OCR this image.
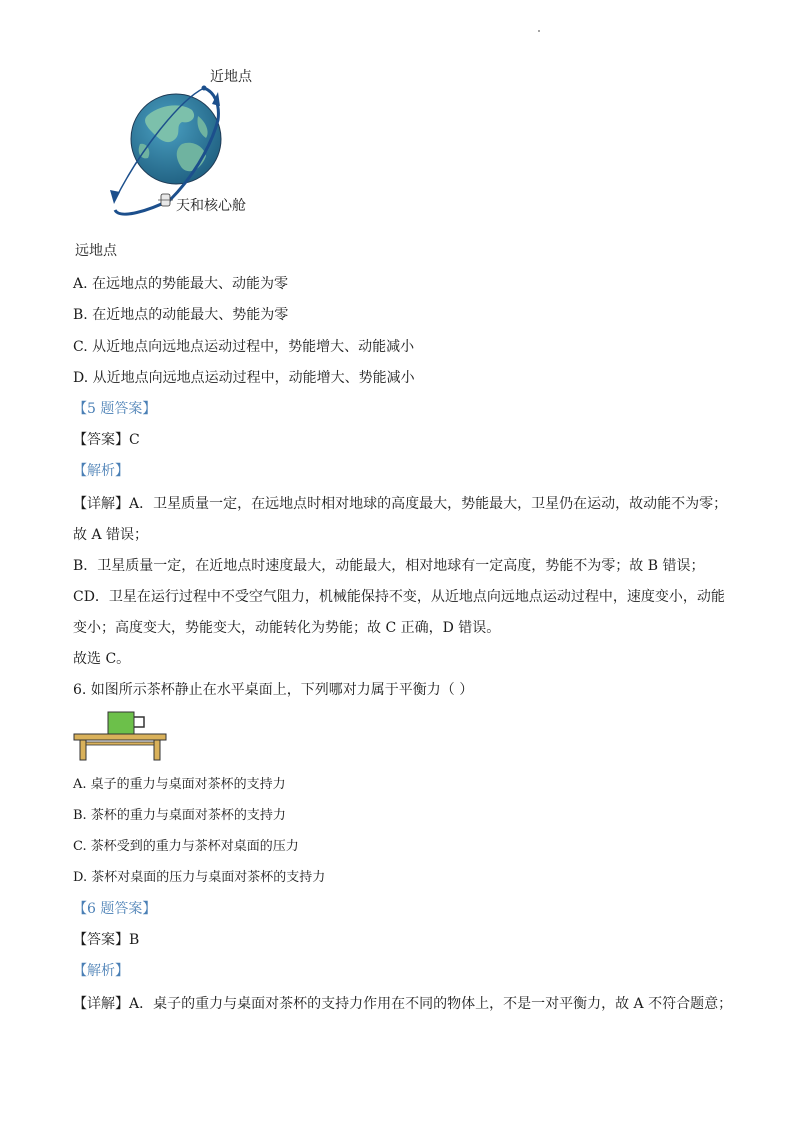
近地点
天和核心舱
远地点
A. 在远地点的势能最大、动能为零
B. 在近地点的动能最大、势能为零
C. 从近地点向远地点运动过程中，势能增大、动能减小
D. 从近地点向远地点运动过程中，动能增大、势能减小
【5 题答案】
【答案】C
【解析】
【详解】A．卫星质量一定，在远地点时相对地球的高度最大，势能最大，卫星仍在运动，故动能不为零；
故 A 错误；
B．卫星质量一定，在近地点时速度最大，动能最大，相对地球有一定高度，势能不为零；故 B 错误；
CD．卫星在运行过程中不受空气阻力，机械能保持不变，从近地点向远地点运动过程中，速度变小，动能
变小；高度变大，势能变大，动能转化为势能；故 C 正确，D 错误。
故选 C。
6. 如图所示茶杯静止在水平桌面上，下列哪对力属于平衡力（ ）
A. 桌子的重力与桌面对茶杯的支持力
B. 茶杯的重力与桌面对茶杯的支持力
C. 茶杯受到的重力与茶杯对桌面的压力
D. 茶杯对桌面的压力与桌面对茶杯的支持力
【6 题答案】
【答案】B
【解析】
【详解】A．桌子的重力与桌面对茶杯的支持力作用在不同的物体上，不是一对平衡力，故 A 不符合题意；
